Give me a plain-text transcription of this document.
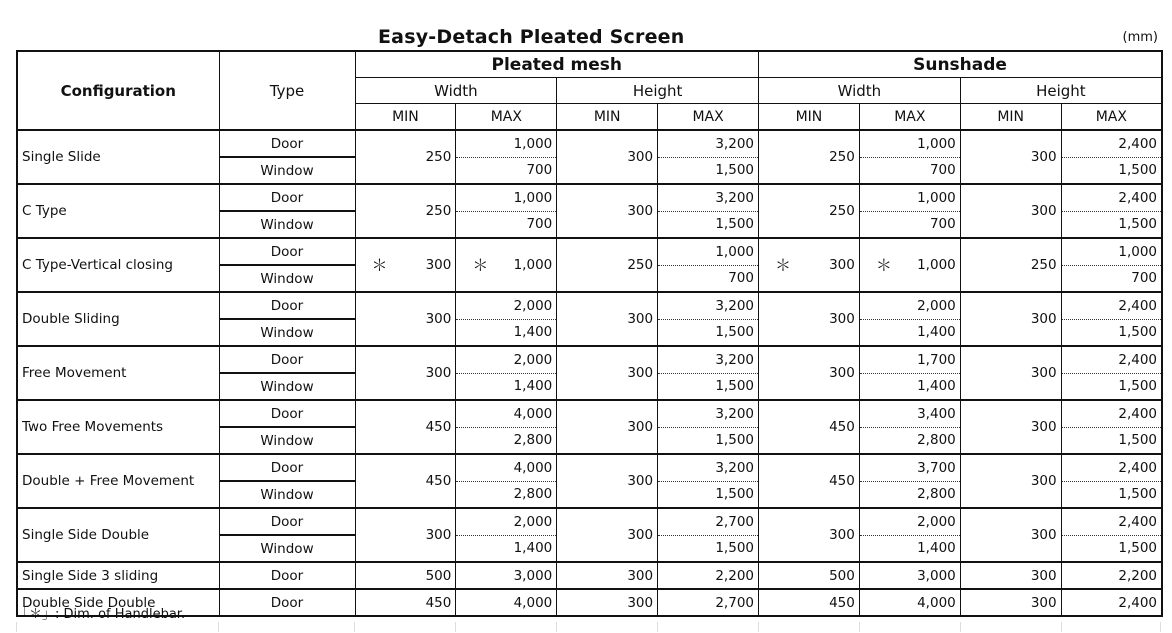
Easy-Detach Pleated Screen	(mm)
Configuration	Type	Pleated mesh				Sunshade			
		Width		Height		Width		Height	
		MIN	MAX	MIN	MAX	MIN	MAX	MIN	MAX
Single Slide	Door	250	1,000	300	3,200	250	1,000	300	2,400
	Window		700		1,500		700		1,500
C Type	Door	250	1,000	300	3,200	250	1,000	300	2,400
	Window		700		1,500		700		1,500
C Type-Vertical closing	Door	＊ 300	＊ 1,000	250	1,000	＊ 300	＊ 1,000	250	1,000
	Window				700				700
Double Sliding	Door	300	2,000	300	3,200	300	2,000	300	2,400
	Window		1,400		1,500		1,400		1,500
Free Movement	Door	300	2,000	300	3,200	300	1,700	300	2,400
	Window		1,400		1,500		1,400		1,500
Two Free Movements	Door	450	4,000	300	3,200	450	3,400	300	2,400
	Window		2,800		1,500		2,800		1,500
Double + Free Movement	Door	450	4,000	300	3,200	450	3,700	300	2,400
	Window		2,800		1,500		2,800		1,500
Single Side Double	Door	300	2,000	300	2,700	300	2,000	300	2,400
	Window		1,400		1,500		1,400		1,500
Single Side 3 sliding	Door	500	3,000	300	2,200	500	3,000	300	2,200
Double Side Double	Door	450	4,000	300	2,700	450	4,000	300	2,400
「＊」: Dim. of Handlebar.
